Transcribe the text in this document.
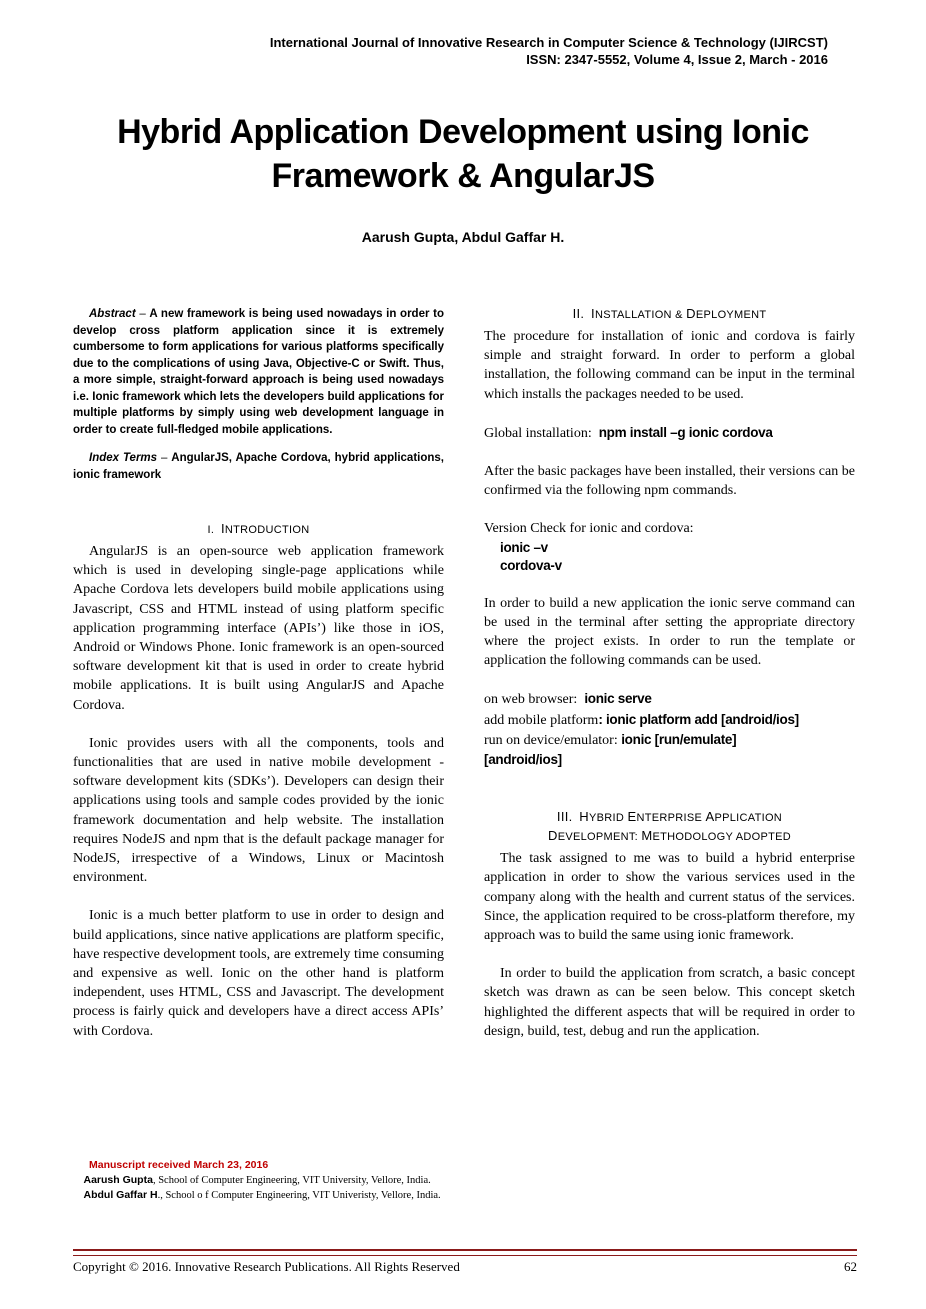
International Journal of Innovative Research in Computer Science & Technology (IJIRCST)
ISSN: 2347-5552, Volume 4, Issue 2, March - 2016
Hybrid Application Development using Ionic
Framework & AngularJS
Aarush Gupta, Abdul Gaffar H.

Abstract – A new framework is being used nowadays in order to develop cross platform application since it is extremely cumbersome to form applications for various platforms specifically due to the complications of using Java, Objective-C or Swift. Thus, a more simple, straight-forward approach is being used nowadays i.e. Ionic framework which lets the developers build applications for multiple platforms by simply using web development language in order to create full-fledged mobile applications.

Index Terms – AngularJS, Apache Cordova, hybrid applications, ionic framework

I. INTRODUCTION

AngularJS is an open-source web application framework which is used in developing single-page applications while Apache Cordova lets developers build mobile applications using Javascript, CSS and HTML instead of using platform specific application programming interface (APIs’) like those in iOS, Android or Windows Phone. Ionic framework is an open-sourced software development kit that is used in order to create hybrid mobile applications. It is built using AngularJS and Apache Cordova.

Ionic provides users with all the components, tools and functionalities that are used in native mobile development - software development kits (SDKs’). Developers can design their applications using tools and sample codes provided by the ionic framework documentation and help website. The installation requires NodeJS and npm that is the default package manager for NodeJS, irrespective of a Windows, Linux or Macintosh environment.

Ionic is a much better platform to use in order to design and build applications, since native applications are platform specific, have respective development tools, are extremely time consuming and expensive as well. Ionic on the other hand is platform independent, uses HTML, CSS and Javascript. The development process is fairly quick and developers have a direct access APIs’ with Cordova.

II. INSTALLATION & DEPLOYMENT

The procedure for installation of ionic and cordova is fairly simple and straight forward. In order to perform a global installation, the following command can be input in the terminal which installs the packages needed to be used.

Global installation: npm install –g ionic cordova

After the basic packages have been installed, their versions can be confirmed via the following npm commands.

Version Check for ionic and cordova:

ionic –v

cordova-v

In order to build a new application the ionic serve command can be used in the terminal after setting the appropriate directory where the project exists. In order to run the template or application the following commands can be used.

on web browser: ionic serve

add mobile platform: ionic platform add [android/ios]

run on device/emulator: ionic [run/emulate]
[android/ios]

III. HYBRID ENTERPRISE APPLICATION
DEVELOPMENT: METHODOLOGY ADOPTED

The task assigned to me was to build a hybrid enterprise application in order to show the various services used in the company along with the health and current status of the services. Since, the application required to be cross-platform therefore, my approach was to build the same using ionic framework.

In order to build the application from scratch, a basic concept sketch was drawn as can be seen below. This concept sketch highlighted the different aspects that will be required in order to design, build, test, debug and run the application.

Manuscript received March 23, 2016

Aarush Gupta, School of Computer Engineering, VIT University, Vellore, India.

Abdul Gaffar H., School o f Computer Engineering, VIT Univeristy, Vellore, India.

Copyright © 2016. Innovative Research Publications. All Rights Reserved	62
